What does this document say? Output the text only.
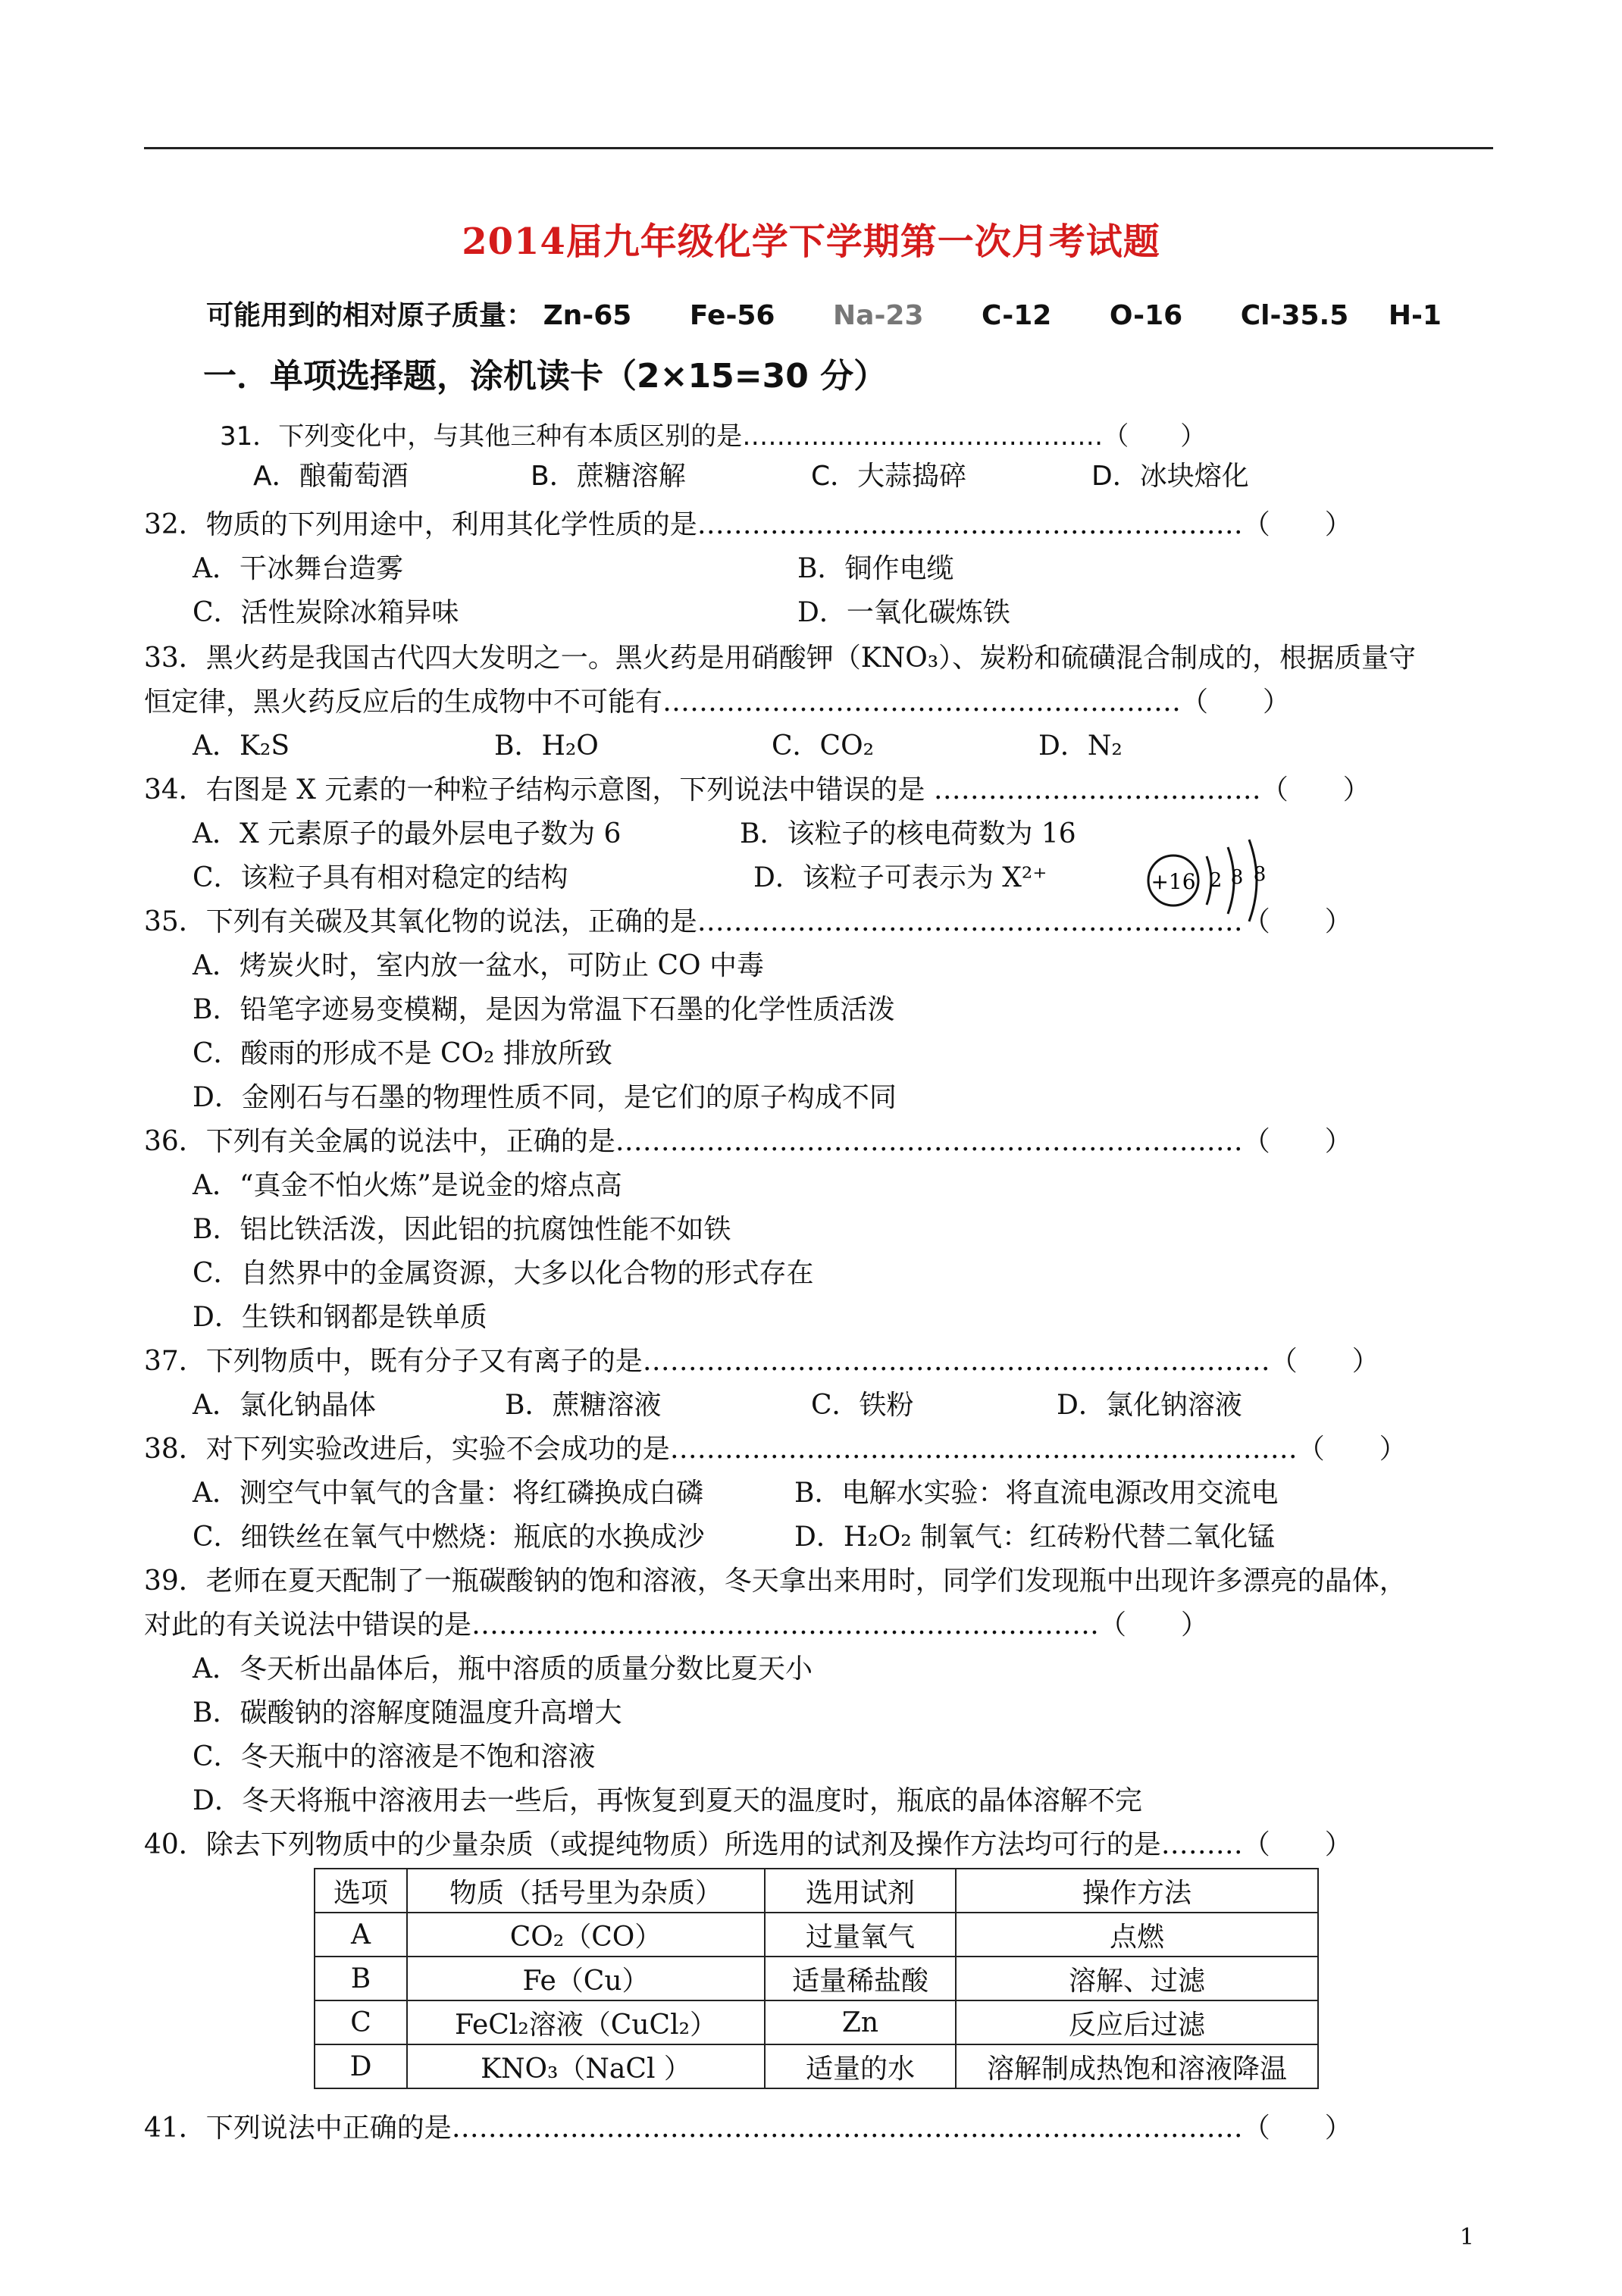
2014届九年级化学下学期第一次月考试题
可能用到的相对原子质量： Zn-65 Fe-56 Na-23 C-12 O-16 Cl-35.5 H-1
一．单项选择题，涂机读卡（2×15=30 分）
31．下列变化中，与其他三种有本质区别的是……………………………………（　　）
A．酿葡萄酒	B．蔗糖溶解	C．大蒜捣碎	D．冰块熔化
32．物质的下列用途中，利用其化学性质的是……………………………………………………（　　）
A．干冰舞台造雾	B．铜作电缆
C．活性炭除冰箱异味	D．一氧化碳炼铁
33．黑火药是我国古代四大发明之一。黑火药是用硝酸钾（KNO₃）、炭粉和硫磺混合制成的，根据质量守
恒定律，黑火药反应后的生成物中不可能有…………………………………………………（　　）
A．K₂S	B．H₂O	C．CO₂	D．N₂
34．右图是 X 元素的一种粒子结构示意图，下列说法中错误的是 ………………………………（　　）
A．X 元素原子的最外层电子数为 6	B．该粒子的核电荷数为 16
C．该粒子具有相对稳定的结构	D．该粒子可表示为 X²⁺	+16 2 8 8
35．下列有关碳及其氧化物的说法，正确的是……………………………………………………（　　）
A．烤炭火时，室内放一盆水，可防止 CO 中毒
B．铅笔字迹易变模糊，是因为常温下石墨的化学性质活泼
C．酸雨的形成不是 CO₂ 排放所致
D．金刚石与石墨的物理性质不同，是它们的原子构成不同
36．下列有关金属的说法中，正确的是……………………………………………………………（　　）
A．“真金不怕火炼”是说金的熔点高
B．铝比铁活泼，因此铝的抗腐蚀性能不如铁
C．自然界中的金属资源，大多以化合物的形式存在
D．生铁和钢都是铁单质
37．下列物质中，既有分子又有离子的是……………………………………………………………（　　）
A．氯化钠晶体	B．蔗糖溶液	C．铁粉	D．氯化钠溶液
38．对下列实验改进后，实验不会成功的是……………………………………………………………（　　）
A．测空气中氧气的含量：将红磷换成白磷	B．电解水实验：将直流电源改用交流电
C．细铁丝在氧气中燃烧：瓶底的水换成沙	D．H₂O₂ 制氧气：红砖粉代替二氧化锰
39．老师在夏天配制了一瓶碳酸钠的饱和溶液，冬天拿出来用时，同学们发现瓶中出现许多漂亮的晶体，
对此的有关说法中错误的是……………………………………………………………（　　）
A．冬天析出晶体后，瓶中溶质的质量分数比夏天小
B．碳酸钠的溶解度随温度升高增大
C．冬天瓶中的溶液是不饱和溶液
D．冬天将瓶中溶液用去一些后，再恢复到夏天的温度时，瓶底的晶体溶解不完
40．除去下列物质中的少量杂质（或提纯物质）所选用的试剂及操作方法均可行的是………（　　）
选项	物质（括号里为杂质）	选用试剂	操作方法
A	CO₂（CO）	过量氧气	点燃
B	Fe（Cu）	适量稀盐酸	溶解、过滤
C	FeCl₂溶液（CuCl₂）	Zn	反应后过滤
D	KNO₃（NaCl ）	适量的水	溶解制成热饱和溶液降温
41．下列说法中正确的是……………………………………………………………………………（　　）
1
